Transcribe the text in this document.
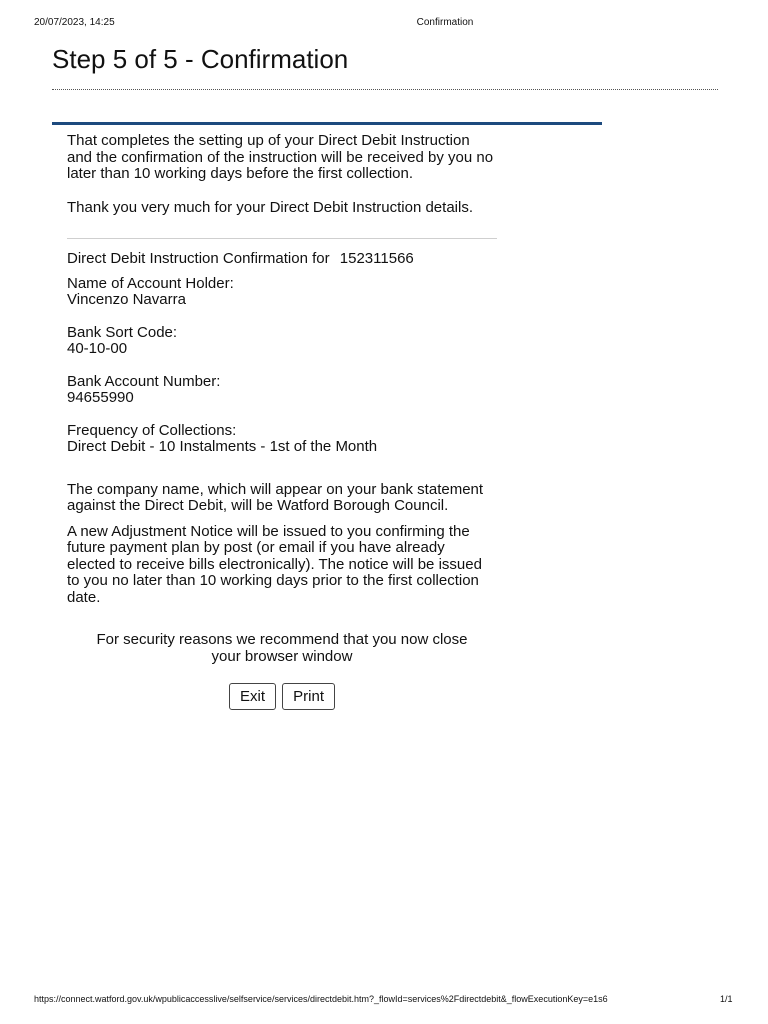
20/07/2023, 14:25	Confirmation
Step 5 of 5 - Confirmation

That completes the setting up of your Direct Debit Instruction and the confirmation of the instruction will be received by you no later than 10 working days before the first collection.

Thank you very much for your Direct Debit Instruction details.

Direct Debit Instruction Confirmation for 152311566

Name of Account Holder:
Vincenzo Navarra
Bank Sort Code:
40-10-00
Bank Account Number:
94655990
Frequency of Collections:
Direct Debit - 10 Instalments - 1st of the Month

The company name, which will appear on your bank statement against the Direct Debit, will be Watford Borough Council.

A new Adjustment Notice will be issued to you confirming the future payment plan by post (or email if you have already elected to receive bills electronically). The notice will be issued to you no later than 10 working days prior to the first collection date.

For security reasons we recommend that you now close
your browser window

Exit Print
https://connect.watford.gov.uk/wpublicaccesslive/selfservice/services/directdebit.htm?_flowId=services%2Fdirectdebit&_flowExecutionKey=e1s6	1/1
